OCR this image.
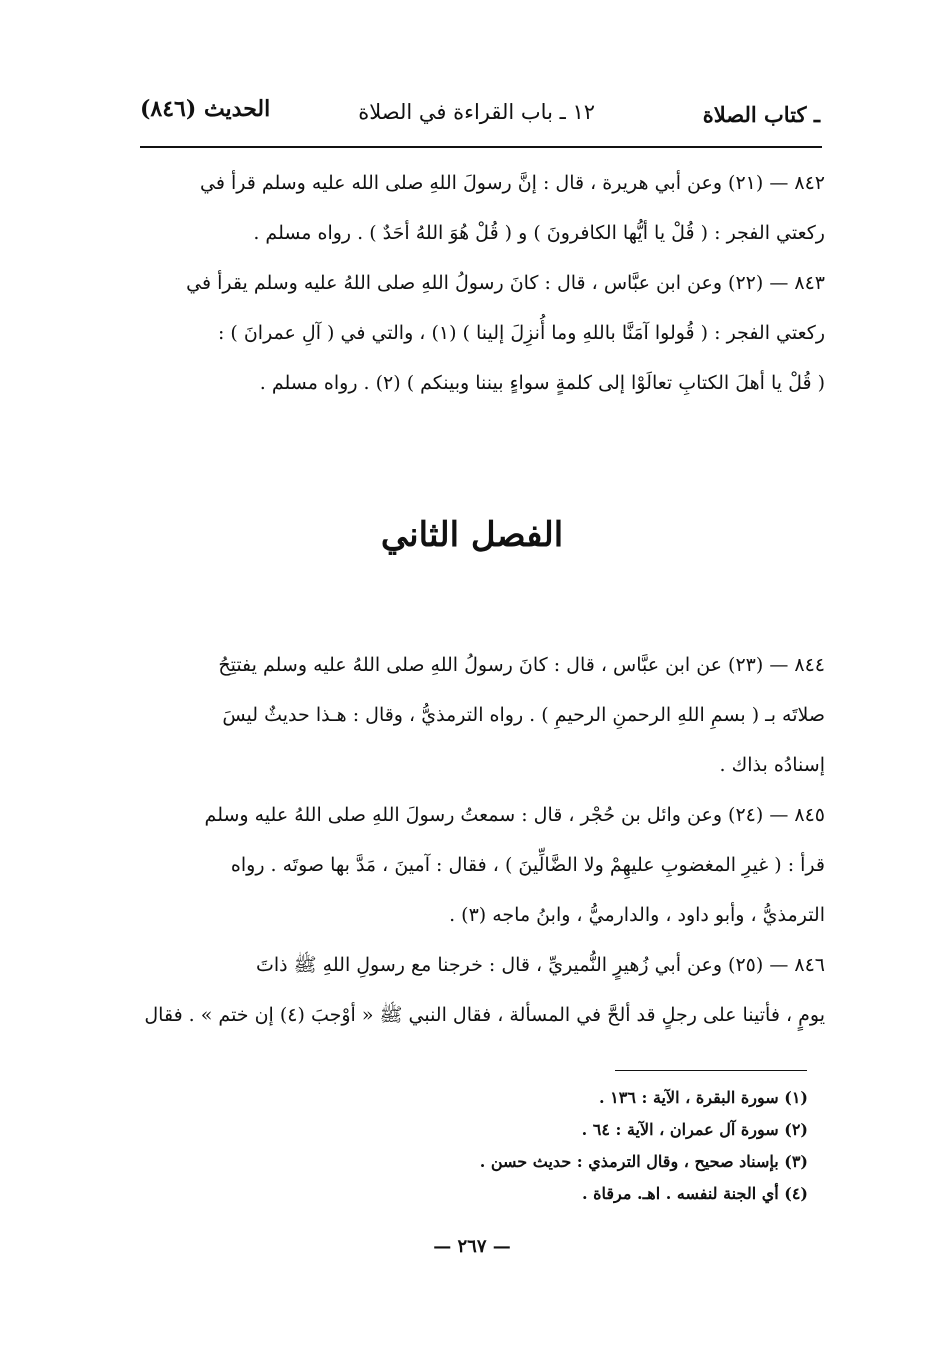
ـ كتاب الصلاة
١٢ ـ باب القراءة في الصلاة
الحديث (٨٤٦)
٨٤٢ — (٢١) وعن أبي هريرة ، قال : إنَّ رسولَ اللهِ صلى الله عليه وسلم قرأ في
ركعتي الفجر : ( قُلْ يا أيُّها الكافرونَ ) و ( قُلْ هُوَ اللهُ أحَدٌ ) . رواه مسلم .
٨٤٣ — (٢٢) وعن ابن عبَّاس ، قال : كانَ رسولُ اللهِ صلى اللهُ عليه وسلم يقرأ في
ركعتي الفجر : ( قُولوا آمَنَّا باللهِ وما أُنزِلَ إلينا ) (١) ، والتي في ( آلِ عمرانَ ) :
( قُلْ يا أهلَ الكتابِ تعالَوْا إلى كلمةٍ سواءٍ بيننا وبينكم ) (٢) . رواه مسلم .
الفصل الثاني
٨٤٤ — (٢٣) عن ابن عبَّاس ، قال : كانَ رسولُ اللهِ صلى اللهُ عليه وسلم يفتتِحُ
صلاتَه بـ ( بسمِ اللهِ الرحمنِ الرحيمِ ) . رواه الترمذيُّ ، وقال : هـذا حديثٌ ليسَ
إسنادُه بذاك .
٨٤٥ — (٢٤) وعن وائل بن حُجْر ، قال : سمعتُ رسولَ اللهِ صلى اللهُ عليه وسلم
قرأ : ( غيرِ المغضوبِ عليهِمْ ولا الضَّالِّينَ ) ، فقال : آمينَ ، مَدَّ بها صوتَه . رواه
الترمذيُّ ، وأبو داود ، والدارميُّ ، وابنُ ماجه (٣) .
٨٤٦ — (٢٥) وعن أبي زُهيرٍ النُّميريِّ ، قال : خرجنا مع رسولِ اللهِ ﷺ ذاتَ
يومٍ ، فأتينا على رجلٍ قد ألحَّ في المسألة ، فقال النبي ﷺ « أوْجبَ (٤) إن ختم » . فقال
(١) سورة البقرة ، الآية : ١٣٦ .
(٢) سورة آل عمران ، الآية : ٦٤ .
(٣) بإسناد صحيح ، وقال الترمذي : حديث حسن .
(٤) أي الجنة لنفسه . اهـ. مرقاة .
— ٢٦٧ —
